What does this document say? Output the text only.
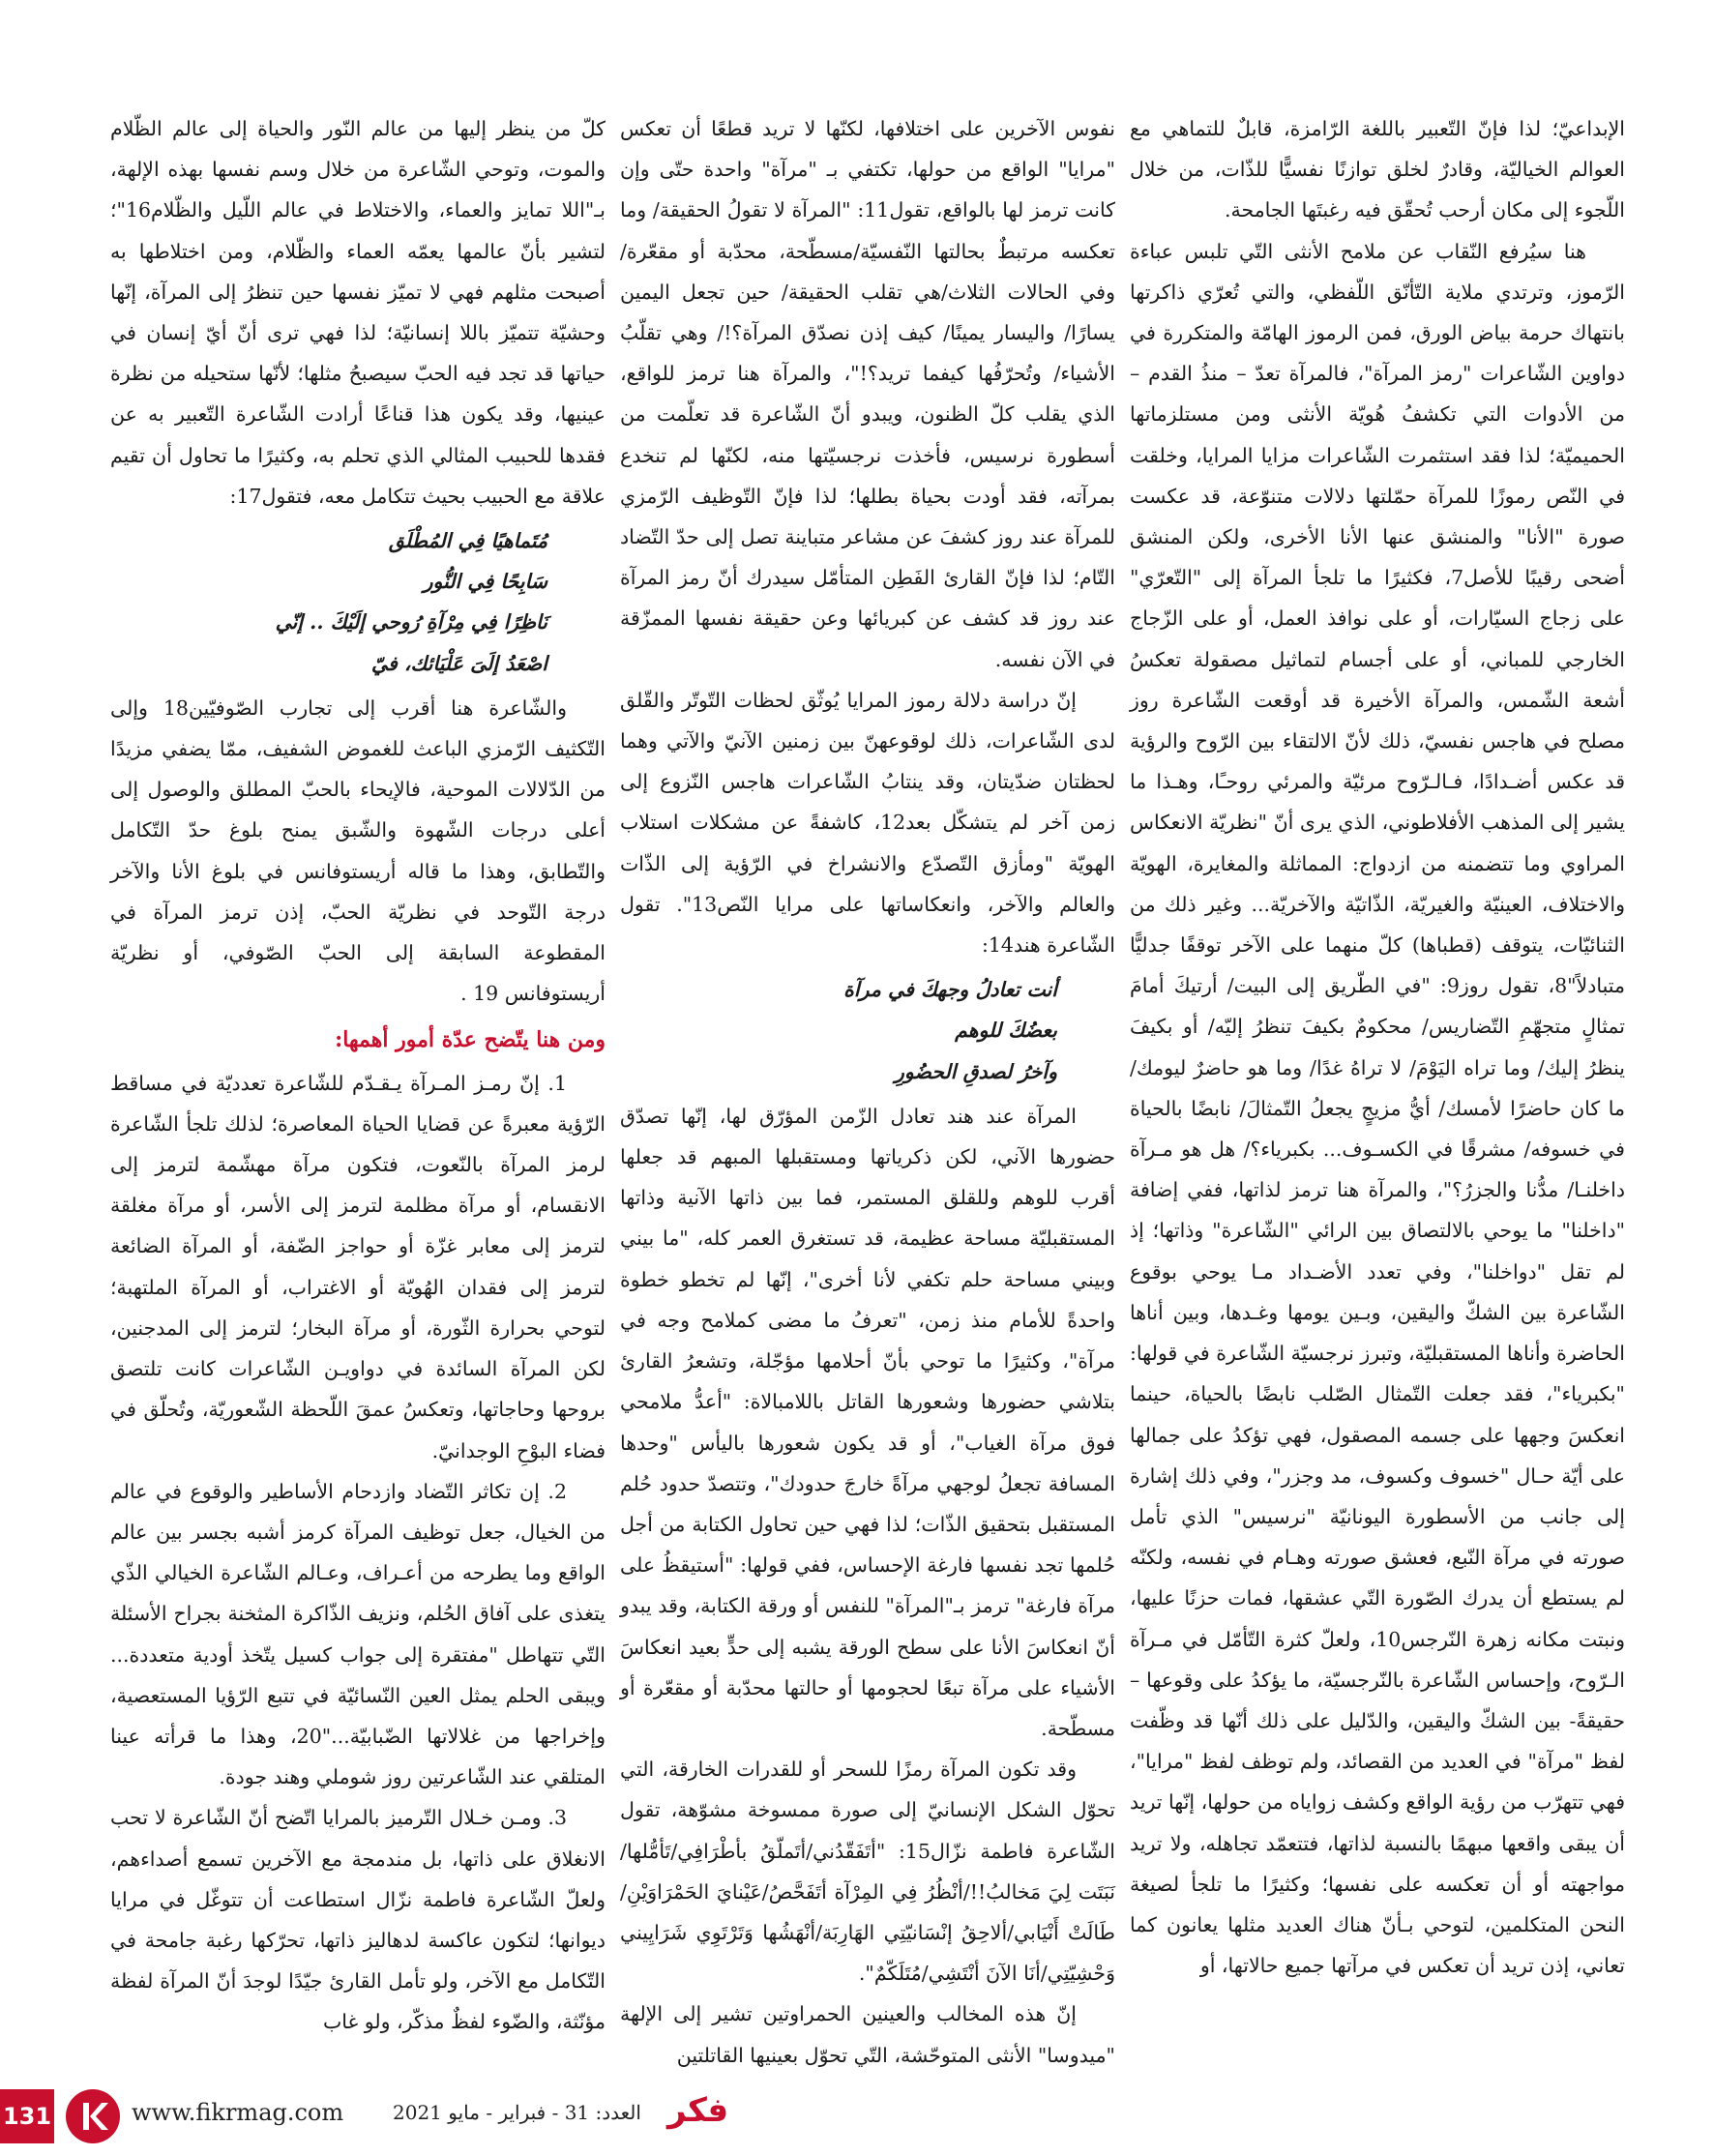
الإبداعيّ؛ لذا فإنّ التّعبير باللغة الرّامزة، قابلٌ للتماهي مع العوالم الخياليّة، وقادرٌ لخلق توازنًا نفسيًّا للذّات، من خلال اللّجوء إلى مكان أرحب تُحقّق فيه رغبتَها الجامحة.

هنا سيُرفع النّقاب عن ملامح الأنثى التّي تلبس عباءة الرّموز، وترتدي ملاية التّأنّق اللّفظي، والتي تُعرّي ذاكرتها بانتهاك حرمة بياض الورق، فمن الرموز الهامّة والمتكررة في دواوين الشّاعرات "رمز المرآة"، فالمرآة تعدّ – منذُ القدم – من الأدوات التي تكشفُ هُويّة الأنثى ومن مستلزماتها الحميميّة؛ لذا فقد استثمرت الشّاعرات مزايا المرايا، وخلقت في النّص رموزًا للمرآة حمّلتها دلالات متنوّعة، قد عكست صورة "الأنا" والمنشق عنها الأنا الأخرى، ولكن المنشق أضحى رقيبًا للأصل7، فكثيرًا ما تلجأ المرآة إلى "التّعرّي" على زجاج السيّارات، أو على نوافذ العمل، أو على الزّجاج الخارجي للمباني، أو على أجسام لتماثيل مصقولة تعكسُ أشعة الشّمس، والمرآة الأخيرة قد أوقعت الشّاعرة روز مصلح في هاجس نفسيّ، ذلك لأنّ الالتقاء بين الرّوح والرؤية قد عكس أضـدادًا، فـالـرّوح مرئيّة والمرئي روحـًا، وهـذا ما يشير إلى المذهب الأفلاطوني، الذي يرى أنّ "نظريّة الانعكاس المراوي وما تتضمنه من ازدواج: المماثلة والمغايرة، الهويّة والاختلاف، العينيّة والغيريّة، الذّاتيّة والآخريّة... وغير ذلك من الثنائيّات، يتوقف (قطباها) كلّ منهما على الآخر توقفًا جدليًّا متبادلاً"8، تقول روز9: "في الطّريق إلى البيت/ أرتيكَ أمامَ تمثالٍ متجهّمِ التّضاريس/ محكومٌ بكيفَ تنظرُ إليّه/ أو بكيفَ ينظرُ إليك/ وما تراه اليَوْمَ/ لا تراهُ غدًا/ وما هو حاضرٌ ليومك/ ما كان حاضرًا لأمسك/ أيُّ مزيجٍ يجعلُ التّمثالَ/ نابضًا بالحياة في خسوفه/ مشرقًا في الكسـوف... بكبرياء؟/ هل هو مـرآة داخلنـا/ مدُّنا والجزرُ؟"، والمرآة هنا ترمز لذاتها، ففي إضافة "داخلنا" ما يوحي بالالتصاق بين الرائي "الشّاعرة" وذاتها؛ إذ لم تقل "دواخلنا"، وفي تعدد الأضـداد مـا يوحي بوقوع الشّاعرة بين الشكّ واليقين، وبـين يومها وغـدها، وبين أناها الحاضرة وأناها المستقبليّة، وتبرز نرجسيّة الشّاعرة في قولها: "بكبرياء"، فقد جعلت التّمثال الصّلب نابضًا بالحياة، حينما انعكسَ وجهها على جسمه المصقول، فهي تؤكدُ على جمالها على أيّة حـال "خسوف وكسوف، مد وجزر"، وفي ذلك إشارة إلى جانب من الأسطورة اليونانيّة "نرسيس" الذي تأمل صورته في مرآة النّبع، فعشق صورته وهـام في نفسه، ولكنّه لم يستطع أن يدرك الصّورة التّي عشقها، فمات حزنًا عليها، ونبتت مكانه زهرة النّرجس10، ولعلّ كثرة التّأمّل في مـرآة الـرّوح، وإحساس الشّاعرة بالنّرجسيّة، ما يؤكدُ على وقوعها – حقيقةً- بين الشكّ واليقين، والدّليل على ذلك أنّها قد وظّفت لفظ "مرآة" في العديد من القصائد، ولم توظف لفظ "مرايا"، فهي تتهرّب من رؤية الواقع وكشف زواياه من حولها، إنّها تريد أن يبقى واقعها مبهمًا بالنسبة لذاتها، فتتعمّد تجاهله، ولا تريد مواجهته أو أن تعكسه على نفسها؛ وكثيرًا ما تلجأ لصيغة النحن المتكلمين، لتوحي بـأنّ هناك العديد مثلها يعانون كما تعاني، إذن تريد أن تعكس في مرآتها جميع حالاتها، أو

نفوس الآخرين على اختلافها، لكنّها لا تريد قطعًا أن تعكس "مرايا" الواقع من حولها، تكتفي بـ "مرآة" واحدة حتّى وإن كانت ترمز لها بالواقع، تقول11: "المرآة لا تقولُ الحقيقة/ وما تعكسه مرتبطٌ بحالتها النّفسيّة/مسطّحة، محدّبة أو مقعّرة/وفي الحالات الثلاث/هي تقلب الحقيقة/ حين تجعل اليمين يسارًا/ واليسار يمينًا/ كيف إذن نصدّق المرآة؟!/ وهي تقلّبُ الأشياء/ وتُحرّفُها كيفما تريد؟!"، والمرآة هنا ترمز للواقع، الذي يقلب كلّ الظنون، ويبدو أنّ الشّاعرة قد تعلّمت من أسطورة نرسيس، فأخذت نرجسيّتها منه، لكنّها لم تنخدع بمرآته، فقد أودت بحياة بطلها؛ لذا فإنّ التّوظيف الرّمزي للمرآة عند روز كشفَ عن مشاعر متباينة تصل إلى حدّ التّضاد التّام؛ لذا فإنّ القارئ الفَطِن المتأمّل سيدرك أنّ رمز المرآة عند روز قد كشف عن كبريائها وعن حقيقة نفسها الممزّقة في الآن نفسه.

إنّ دراسة دلالة رموز المرايا يُوثّق لحظات التّوتّر والقّلق لدى الشّاعرات، ذلك لوقوعهنّ بين زمنين الآنيّ والآتي وهما لحظتان ضدّيتان، وقد ينتابُ الشّاعرات هاجس النّزوع إلى زمن آخر لم يتشكّل بعد12، كاشفةً عن مشكلات استلاب الهويّة "ومأزق التّصدّع والانشراخ في الرّؤية إلى الذّات والعالم والآخر، وانعكاساتها على مرايا النّص13". تقول الشّاعرة هند14:

أنت تعادلُ وجهكَ في مرآة
بعضُكَ للوهم
وآخرُ لصدقِ الحضُورِ

المرآة عند هند تعادل الزّمن المؤرّق لها، إنّها تصدّق حضورها الآني، لكن ذكرياتها ومستقبلها المبهم قد جعلها أقرب للوهم وللقلق المستمر، فما بين ذاتها الآنية وذاتها المستقبليّة مساحة عظيمة، قد تستغرق العمر كله، "ما بيني وبيني مساحة حلم تكفي لأنا أخرى"، إنّها لم تخطو خطوة واحدةً للأمام منذ زمن، "تعرفُ ما مضى كملامح وجه في مرآة"، وكثيرًا ما توحي بأنّ أحلامها مؤجّلة، وتشعرُ القارئ بتلاشي حضورها وشعورها القاتل باللامبالاة: "أعدُّ ملامحي فوق مرآة الغياب"، أو قد يكون شعورها باليأس "وحدها المسافة تجعلُ لوجهي مرآةً خارجَ حدودك"، وتتصدّ حدود حُلم المستقبل بتحقيق الذّات؛ لذا فهي حين تحاول الكتابة من أجل حُلمها تجد نفسها فارغة الإحساس، ففي قولها: "أستيقظُ على مرآة فارغة" ترمز بـ"المرآة" للنفس أو ورقة الكتابة، وقد يبدو أنّ انعكاسَ الأنا على سطح الورقة يشبه إلى حدٍّ بعيد انعكاسَ الأشياء على مرآة تبعًا لحجومها أو حالتها محدّبة أو مقعّرة أو مسطّحة.

وقد تكون المرآة رمزًا للسحر أو للقدرات الخارقة، التي تحوّل الشكل الإنسانيّ إلى صورة ممسوخة مشوّهة، تقول الشّاعرة فاطمة نزّال15: "أتَفَقّدُني/أتَملّقُ بأطْرَافِي/تَأمُّلها/نَبَتَت لِيَ مَخالبُ!!/أنْظُرُ فِي المِرْآة أتَفَحَّصُ/عَيْنايَ الحَمْرَاوَيْنِ/طَالَتْ أَنْيَابي/ألاحِقُ إنْسَانيّتِي الهَارِبَة/أنْهَشُها وَتَرْتَوِي شَرَايِيني وَحْشِيّتِي/أنَا الآنَ أنْتَشِي/مُتَلَكّمٌ".

إنّ هذه المخالب والعينين الحمراوتين تشير إلى الإلهة "ميدوسا" الأنثى المتوحّشة، التّي تحوّل بعينيها القاتلتين

كلّ من ينظر إليها من عالم النّور والحياة إلى عالم الظّلام والموت، وتوحي الشّاعرة من خلال وسم نفسها بهذه الإلهة، بـ"اللا تمايز والعماء، والاختلاط في عالم اللّيل والظّلام16"؛ لتشير بأنّ عالمها يعمّه العماء والظّلام، ومن اختلاطها به أصبحت مثلهم فهي لا تميّز نفسها حين تنظرُ إلى المرآة، إنّها وحشيّة تتميّز باللا إنسانيّة؛ لذا فهي ترى أنّ أيّ إنسان في حياتها قد تجد فيه الحبّ سيصبحُ مثلها؛ لأنّها ستحيله من نظرة عينيها، وقد يكون هذا قناعًا أرادت الشّاعرة التّعبير به عن فقدها للحبيب المثالي الذي تحلم به، وكثيرًا ما تحاول أن تقيم علاقة مع الحبيب بحيث تتكامل معه، فتقول17:

مُتَماهيًا فِي المُطْلَق
سَابِحًا فِي النُّور
نَاظِرًا فِي مِرْآةِ رُوحي إلَيْكَ .. إنّي
اصْعَدُ إلَىَ عَلْيَائك، فيّ

والشّاعرة هنا أقرب إلى تجارب الصّوفيّين18 وإلى التّكثيف الرّمزي الباعث للغموض الشفيف، ممّا يضفي مزيدًا من الدّلالات الموحية، فالإيحاء بالحبّ المطلق والوصول إلى أعلى درجات الشّهوة والشّبق يمنح بلوغ حدّ التّكامل والتّطابق، وهذا ما قاله أريستوفانس في بلوغ الأنا والآخر درجة التّوحد في نظريّة الحبّ، إذن ترمز المرآة في المقطوعة السابقة إلى الحبّ الصّوفي، أو نظريّة أريستوفانس 19 .

ومن هنا يتّضح عدّة أمور أهمها:

1. إنّ رمـز المـرآة يـقـدّم للشّاعرة تعدديّة في مساقط الرّؤية معبرةً عن قضايا الحياة المعاصرة؛ لذلك تلجأ الشّاعرة لرمز المرآة بالنّعوت، فتكون مرآة مهشّمة لترمز إلى الانقسام، أو مرآة مظلمة لترمز إلى الأسر، أو مرآة مغلقة لترمز إلى معابر غزّة أو حواجز الضّفة، أو المرآة الضائعة لترمز إلى فقدان الهُويّة أو الاغتراب، أو المرآة الملتهبة؛ لتوحي بحرارة الثّورة، أو مرآة البخار؛ لترمز إلى المدجنين، لكن المرآة السائدة في دواويـن الشّاعرات كانت تلتصق بروحها وحاجاتها، وتعكسُ عمقَ اللّحظة الشّعوريّة، وتُحلّق في فضاء البوْحِ الوجدانيّ.

2. إن تكاثر التّضاد وازدحام الأساطير والوقوع في عالم من الخيال، جعل توظيف المرآة كرمز أشبه بجسر بين عالم الواقع وما يطرحه من أعـراف، وعـالم الشّاعرة الخيالي الذّي يتغذى على آفاق الحُلم، ونزيف الذّاكرة المثخنة بجراح الأسئلة التّي تتهاطل "مفتقرة إلى جواب كسيل يتّخذ أودية متعددة... ويبقى الحلم يمثل العين النّسائيّة في تتبع الرّؤيا المستعصية، وإخراجها من غلالاتها الضّبابيّة..."20، وهذا ما قرأته عينا المتلقي عند الشّاعرتين روز شوملي وهند جودة.

3. ومـن خـلال التّرميز بالمرايا اتّضح أنّ الشّاعرة لا تحب الانغلاق على ذاتها، بل مندمجة مع الآخرين تسمع أصداءهم، ولعلّ الشّاعرة فاطمة نزّال استطاعت أن تتوغّل في مرايا ديوانها؛ لتكون عاكسة لدهاليز ذاتها، تحرّكها رغبة جامحة في التّكامل مع الآخر، ولو تأمل القارئ جيّدًا لوجدَ أنّ المرآة لفظة مؤنّثة، والضّوء لفظٌ مذكّر، ولو غاب

131	www.fikrmag.com	العدد: 31 - فبراير - مايو 2021 فكر
